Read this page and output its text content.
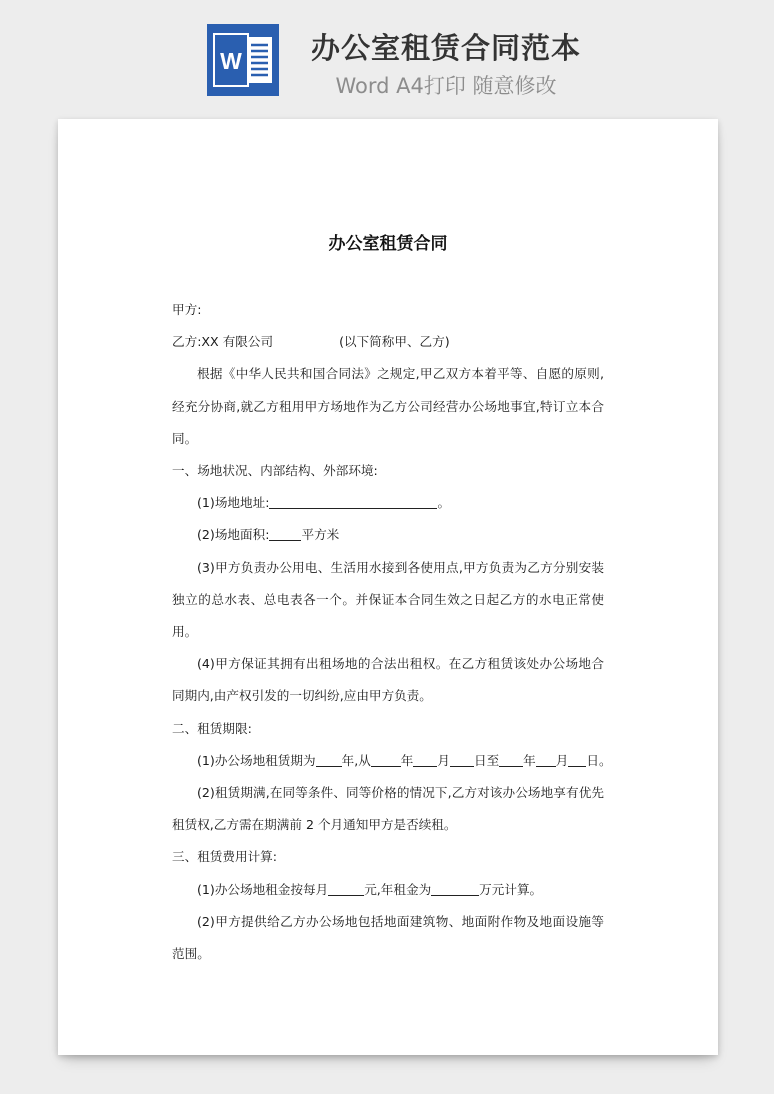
W	办公室租赁合同范本
Word A4打印 随意修改
办公室租赁合同

甲方:

乙方:XX 有限公司	(以下简称甲、乙方)

根据《中华人民共和国合同法》之规定,甲乙双方本着平等、自愿的原则,经充分协商,就乙方租用甲方场地作为乙方公司经营办公场地事宜,特订立本合同。

一、场地状况、内部结构、外部环境:

(1)场地地址:	。

(2)场地面积:	平方米

(3)甲方负责办公用电、生活用水接到各使用点,甲方负责为乙方分别安装独立的总水表、总电表各一个。并保证本合同生效之日起乙方的水电正常使用。

(4)甲方保证其拥有出租场地的合法出租权。在乙方租赁该处办公场地合同期内,由产权引发的一切纠纷,应由甲方负责。

二、租赁期限:

(1)办公场地租赁期为 年,从 年 月 日至 年 月 日。

(2)租赁期满,在同等条件、同等价格的情况下,乙方对该办公场地享有优先租赁权,乙方需在期满前 2 个月通知甲方是否续租。

三、租赁费用计算:

(1)办公场地租金按每月	元,年租金为	万元计算。

(2)甲方提供给乙方办公场地包括地面建筑物、地面附作物及地面设施等范围。
